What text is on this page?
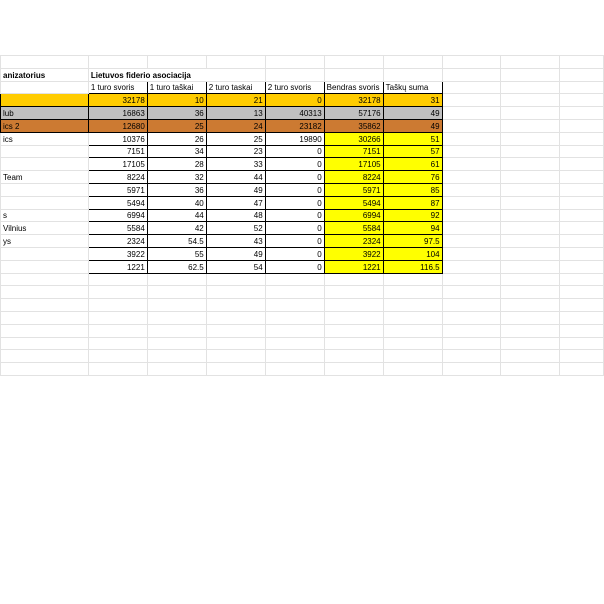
anizatorius	Lietuvos fiderio asociacija								
	1 turo svoris	1 turo taškai	2 turo taskai	2 turo svoris	Bendras svoris	Taškų suma			
	32178	10	21	0	32178	31			
lub	16863	36	13	40313	57176	49			
ics 2	12680	25	24	23182	35862	49			
ics	10376	26	25	19890	30266	51			
	7151	34	23	0	7151	57			
	17105	28	33	0	17105	61			
Team	8224	32	44	0	8224	76			
	5971	36	49	0	5971	85			
	5494	40	47	0	5494	87			
s	6994	44	48	0	6994	92			
Vilnius	5584	42	52	0	5584	94			
ys	2324	54.5	43	0	2324	97.5			
	3922	55	49	0	3922	104			
	1221	62.5	54	0	1221	116.5			
